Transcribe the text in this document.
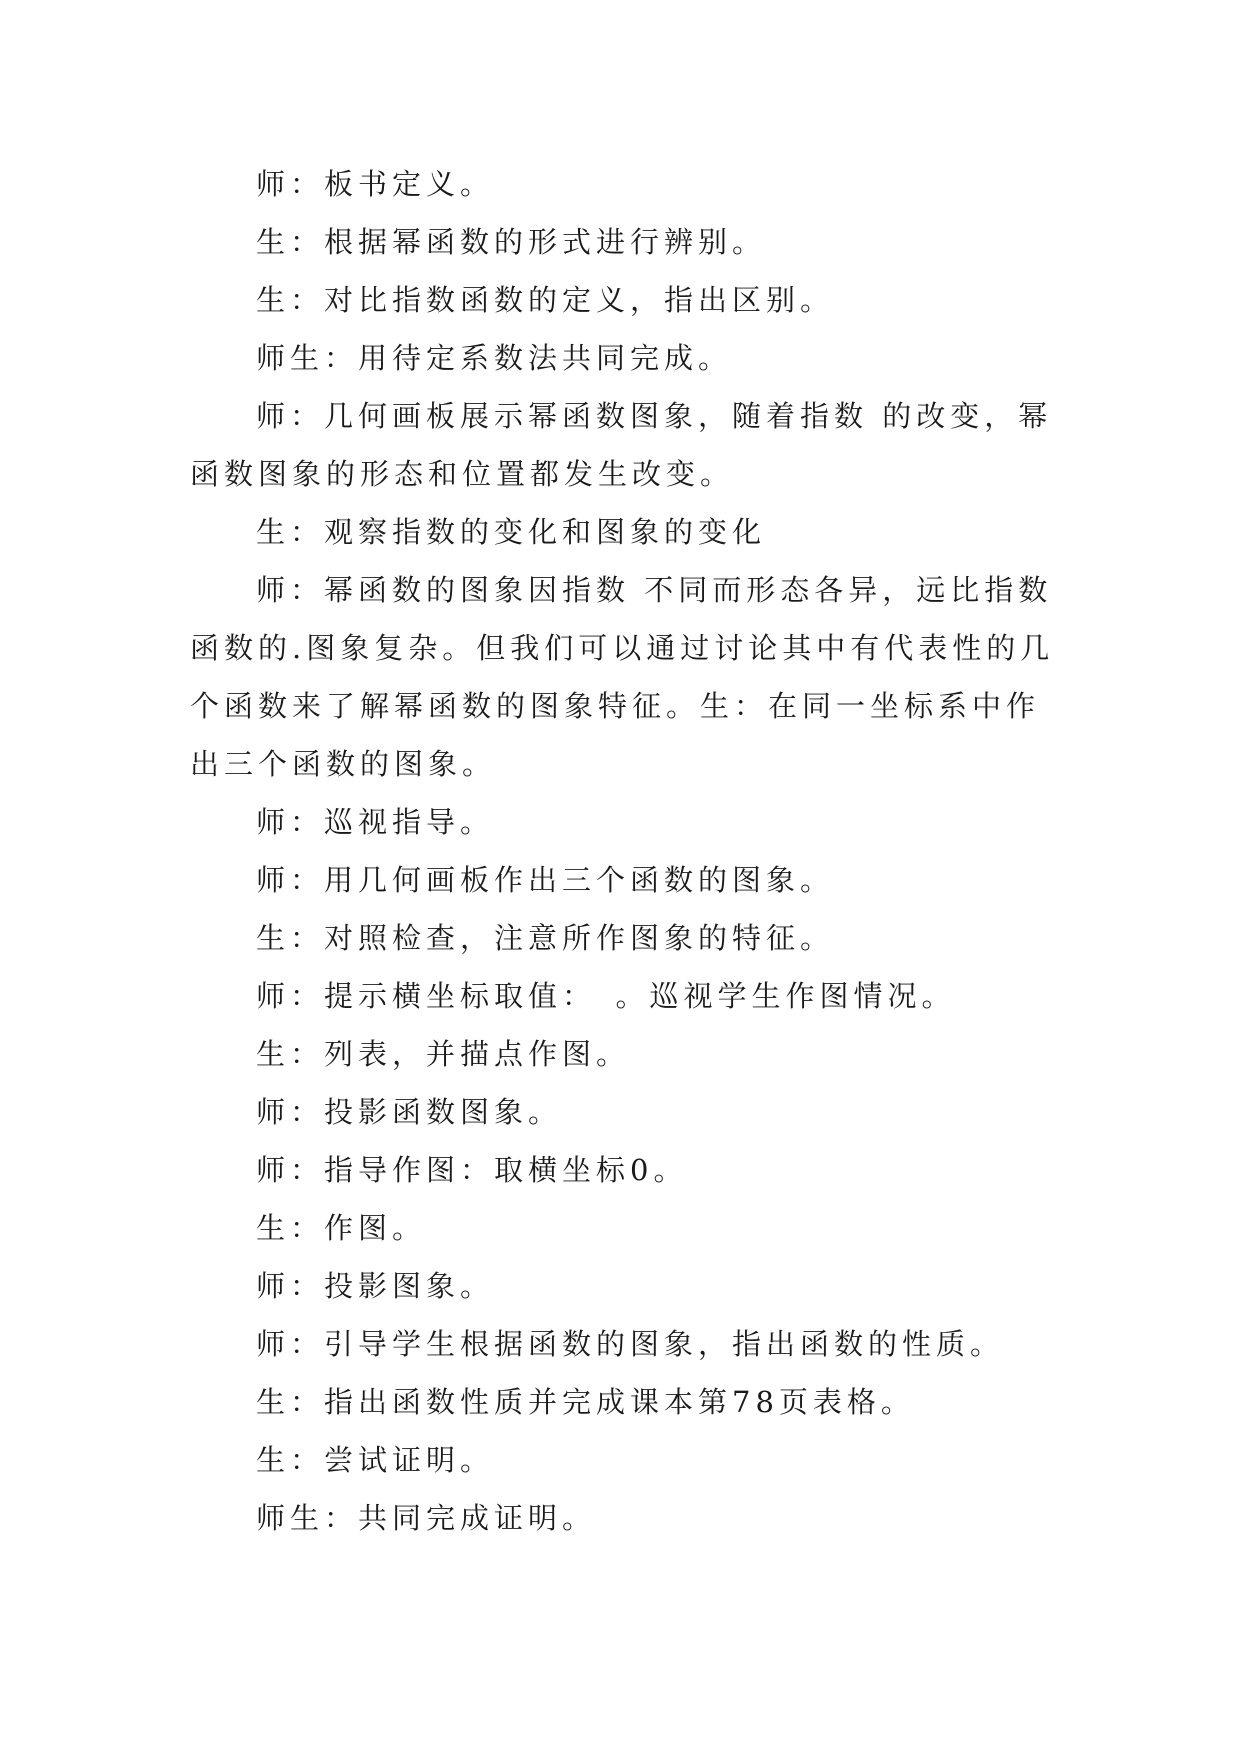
师：板书定义。

生：根据幂函数的形式进行辨别。

生：对比指数函数的定义，指出区别。

师生：用待定系数法共同完成。

师：几何画板展示幂函数图象，随着指数 的改变，幂函数图象的形态和位置都发生改变。

生：观察指数的变化和图象的变化

师：幂函数的图象因指数 不同而形态各异，远比指数函数的.图象复杂。但我们可以通过讨论其中有代表性的几个函数来了解幂函数的图象特征。生：在同一坐标系中作出三个函数的图象。

师：巡视指导。

师：用几何画板作出三个函数的图象。

生：对照检查，注意所作图象的特征。

师：提示横坐标取值：　。巡视学生作图情况。

生：列表，并描点作图。

师：投影函数图象。

师：指导作图：取横坐标0。

生：作图。

师：投影图象。

师：引导学生根据函数的图象，指出函数的性质。

生：指出函数性质并完成课本第78页表格。

生：尝试证明。

师生：共同完成证明。
